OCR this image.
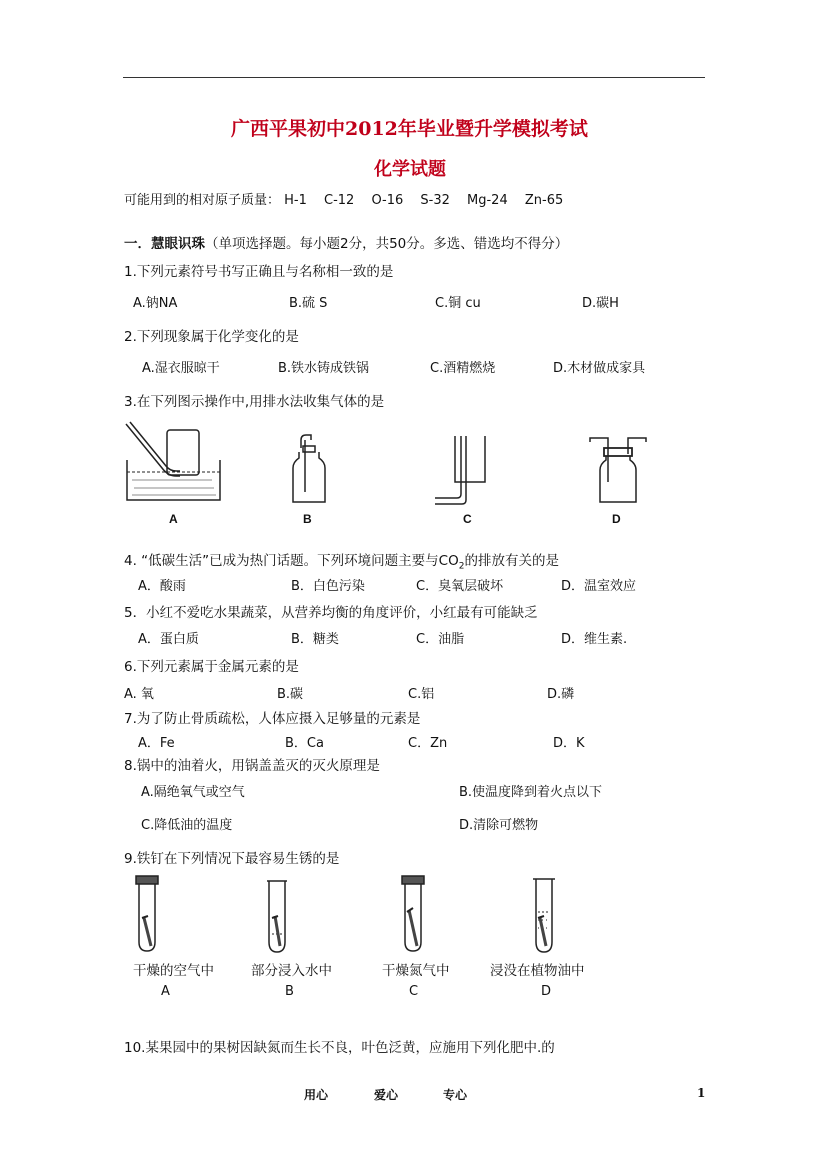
广西平果初中2012年毕业暨升学模拟考试
化学试题
可能用到的相对原子质量： H-1　 C-12　 O-16　 S-32　 Mg-24　 Zn-65
一．慧眼识珠（单项选择题。每小题2分，共50分。多选、错选均不得分）
1.下列元素符号书写正确且与名称相一致的是
A.钠NA	B.硫 S	C.铜 cu	D.碳H
2.下列现象属于化学变化的是
A.湿衣服晾干	B.铁水铸成铁锅	C.酒精燃烧	D.木材做成家具
3.在下列图示操作中,用排水法收集气体的是
A	B	C	D
4. “低碳生活”已成为热门话题。下列环境问题主要与$CO_2$的排放有关的是
A．酸雨	B．白色污染	C．臭氧层破坏	D．温室效应
5．小红不爱吃水果蔬菜，从营养均衡的角度评价，小红最有可能缺乏
A．蛋白质	B．糖类	C．油脂	D．维生素.
6.下列元素属于金属元素的是
A. 氧	B.碳	C.铝	D.磷
7.为了防止骨质疏松，人体应摄入足够量的元素是
A．Fe	B．Ca	C．Zn	D．K
8.锅中的油着火，用锅盖盖灭的灭火原理是
A.隔绝氧气或空气	B.使温度降到着火点以下
C.降低油的温度	D.清除可燃物
9.铁钉在下列情况下最容易生锈的是
干燥的空气中	部分浸入水中	干燥氮气中	浸没在植物油中
A	B	C	D
10.某果园中的果树因缺氮而生长不良，叶色泛黄，应施用下列化肥中.的
用心	爱心	专心	1
